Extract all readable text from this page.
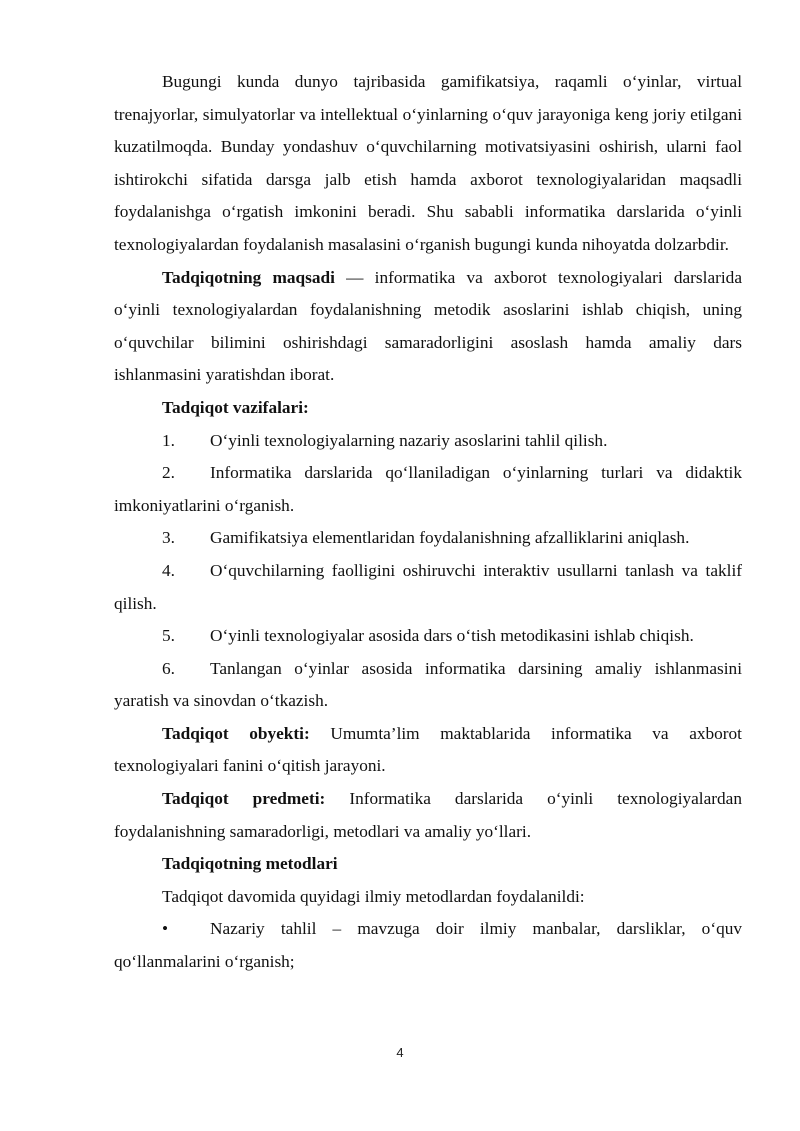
Bugungi kunda dunyo tajribasida gamifikatsiya, raqamli o‘yinlar, virtual trenajyorlar, simulyatorlar va intellektual o‘yinlarning o‘quv jarayoniga keng joriy etilgani kuzatilmoqda. Bunday yondashuv o‘quvchilarning motivatsiyasini oshirish, ularni faol ishtirokchi sifatida darsga jalb etish hamda axborot texnologiyalaridan maqsadli foydalanishga o‘rgatish imkonini beradi. Shu sababli informatika darslarida o‘yinli texnologiyalardan foydalanish masalasini o‘rganish bugungi kunda nihoyatda dolzarbdir.

Tadqiqotning maqsadi — informatika va axborot texnologiyalari darslarida o‘yinli texnologiyalardan foydalanishning metodik asoslarini ishlab chiqish, uning o‘quvchilar bilimini oshirishdagi samaradorligini asoslash hamda amaliy dars ishlanmasini yaratishdan iborat.

Tadqiqot vazifalari:

1. O‘yinli texnologiyalarning nazariy asoslarini tahlil qilish.

2. Informatika darslarida qo‘llaniladigan o‘yinlarning turlari va didaktik imkoniyatlarini o‘rganish.

3. Gamifikatsiya elementlaridan foydalanishning afzalliklarini aniqlash.

4. O‘quvchilarning faolligini oshiruvchi interaktiv usullarni tanlash va taklif qilish.

5. O‘yinli texnologiyalar asosida dars o‘tish metodikasini ishlab chiqish.

6. Tanlangan o‘yinlar asosida informatika darsining amaliy ishlanmasini yaratish va sinovdan o‘tkazish.

Tadqiqot obyekti: Umumta’lim maktablarida informatika va axborot texnologiyalari fanini o‘qitish jarayoni.

Tadqiqot predmeti: Informatika darslarida o‘yinli texnologiyalardan foydalanishning samaradorligi, metodlari va amaliy yo‘llari.

Tadqiqotning metodlari

Tadqiqot davomida quyidagi ilmiy metodlardan foydalanildi:

• Nazariy tahlil – mavzuga doir ilmiy manbalar, darsliklar, o‘quv qo‘llanmalarini o‘rganish;

4
